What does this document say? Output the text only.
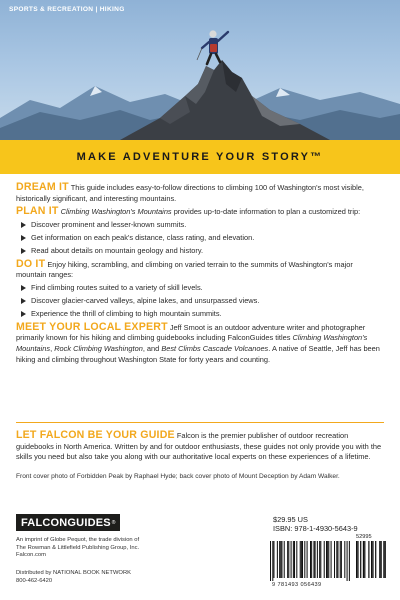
SPORTS & RECREATION | HIKING
MAKE ADVENTURE YOUR STORY™
DREAM IT This guide includes easy-to-follow directions to climbing 100 of Washington's most visible, historically significant, and interesting mountains.
PLAN IT Climbing Washington's Mountains provides up-to-date information to plan a customized trip:
Discover prominent and lesser-known summits.
Get information on each peak's distance, class rating, and elevation.
Read about details on mountain geology and history.
DO IT Enjoy hiking, scrambling, and climbing on varied terrain to the summits of Washington's major mountain ranges:
Find climbing routes suited to a variety of skill levels.
Discover glacier-carved valleys, alpine lakes, and unsurpassed views.
Experience the thrill of climbing to high mountain summits.
MEET YOUR LOCAL EXPERT Jeff Smoot is an outdoor adventure writer and photographer primarily known for his hiking and climbing guidebooks including FalconGuides titles Climbing Washington's Mountains, Rock Climbing Washington, and Best Climbs Cascade Volcanoes. A native of Seattle, Jeff has been hiking and climbing throughout Washington State for forty years and counting.
LET FALCON BE YOUR GUIDE Falcon is the premier publisher of outdoor recreation guidebooks in North America. Written by and for outdoor enthusiasts, these guides not only provide you with the skills you need but also take you along with our authoritative local experts on these experiences of a lifetime.
Front cover photo of Forbidden Peak by Raphael Hyde; back cover photo of Mount Deception by Adam Walker.
FALCONGUIDES ®
An imprint of Globe Pequot, the trade division of
The Rowman & Littlefield Publishing Group, Inc.
Falcon.com
Distributed by NATIONAL BOOK NETWORK
800-462-6420
$29.95 US
ISBN: 978-1-4930-5643-9
52995
9 781493 056439
